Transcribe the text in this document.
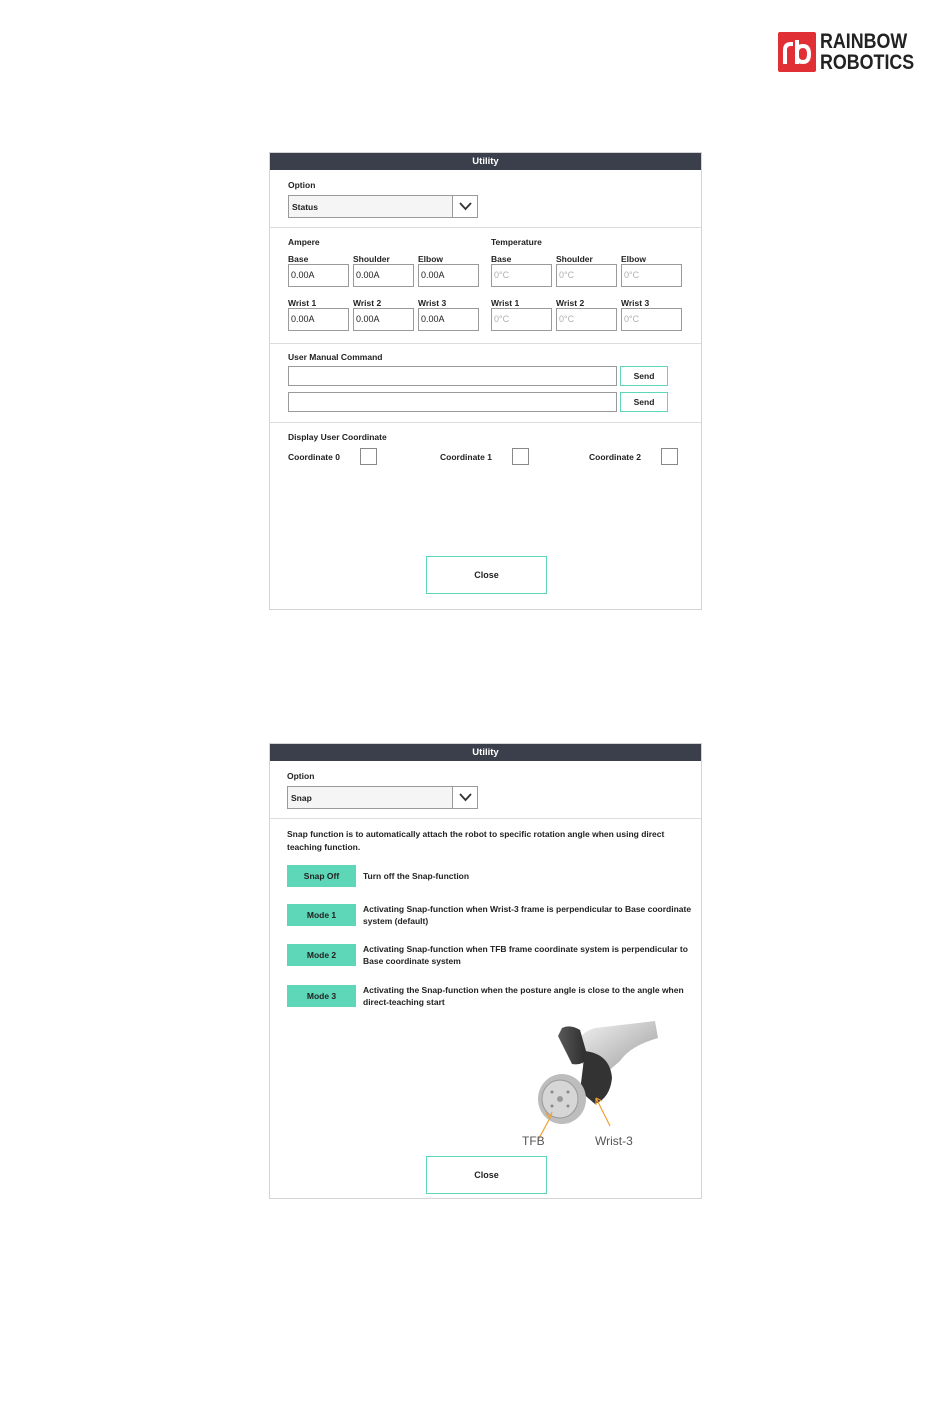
RAINBOW
ROBOTICS
Utility
Option
Status
Ampere	Temperature
Base	Shoulder	Elbow
0.00A	0.00A	0.00A
Base	Shoulder	Elbow
0°C	0°C	0°C
Wrist 1	Wrist 2	Wrist 3
0.00A	0.00A	0.00A
Wrist 1	Wrist 2	Wrist 3
0°C	0°C	0°C
User Manual Command
Send
Send
Display User Coordinate
Coordinate 0	Coordinate 1	Coordinate 2
Close
Utility
Option
Snap
Snap function is to automatically attach the robot to specific rotation angle when using direct teaching function.
Snap Off	Turn off the Snap-function
Mode 1
Activating Snap-function when Wrist-3 frame is perpendicular to Base coordinate system (default)
Mode 2
Activating Snap-function when TFB frame coordinate system is perpendicular to Base coordinate system
Mode 3
Activating the Snap-function when the posture angle is close to the angle when direct-teaching start
TFB	Wrist-3
Close
